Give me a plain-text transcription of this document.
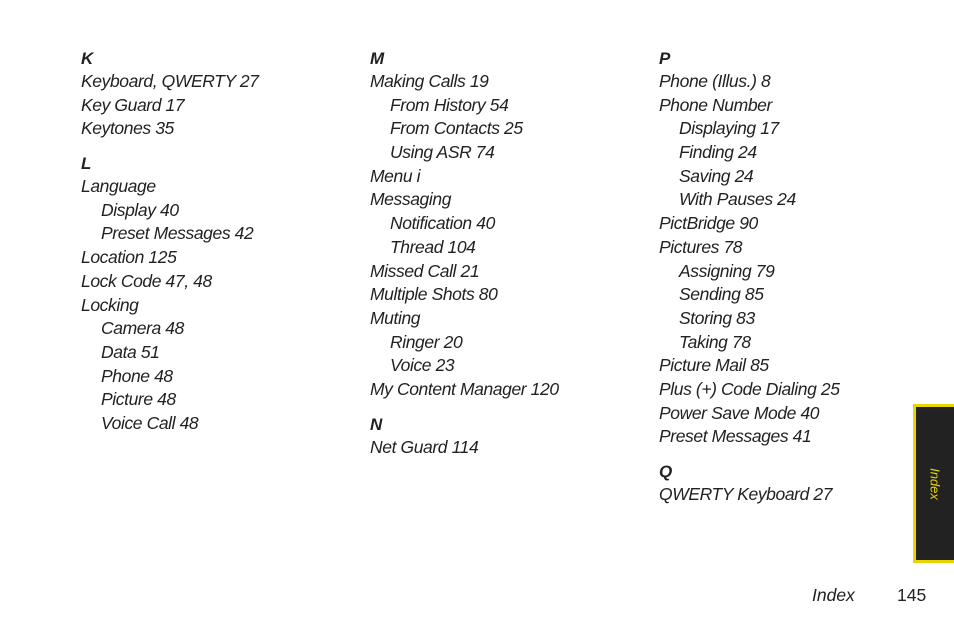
K
Keyboard, QWERTY 27
Key Guard 17
Keytones 35
L
Language
Display 40
Preset Messages 42
Location 125
Lock Code 47, 48
Locking
Camera 48
Data 51
Phone 48
Picture 48
Voice Call 48
M
Making Calls 19
From History 54
From Contacts 25
Using ASR 74
Menu i
Messaging
Notification 40
Thread 104
Missed Call 21
Multiple Shots 80
Muting
Ringer 20
Voice 23
My Content Manager 120
N
Net Guard 114
P
Phone (Illus.) 8
Phone Number
Displaying 17
Finding 24
Saving 24
With Pauses 24
PictBridge 90
Pictures 78
Assigning 79
Sending 85
Storing 83
Taking 78
Picture Mail 85
Plus (+) Code Dialing 25
Power Save Mode 40
Preset Messages 41
Q
QWERTY Keyboard 27	Index
Index 145
